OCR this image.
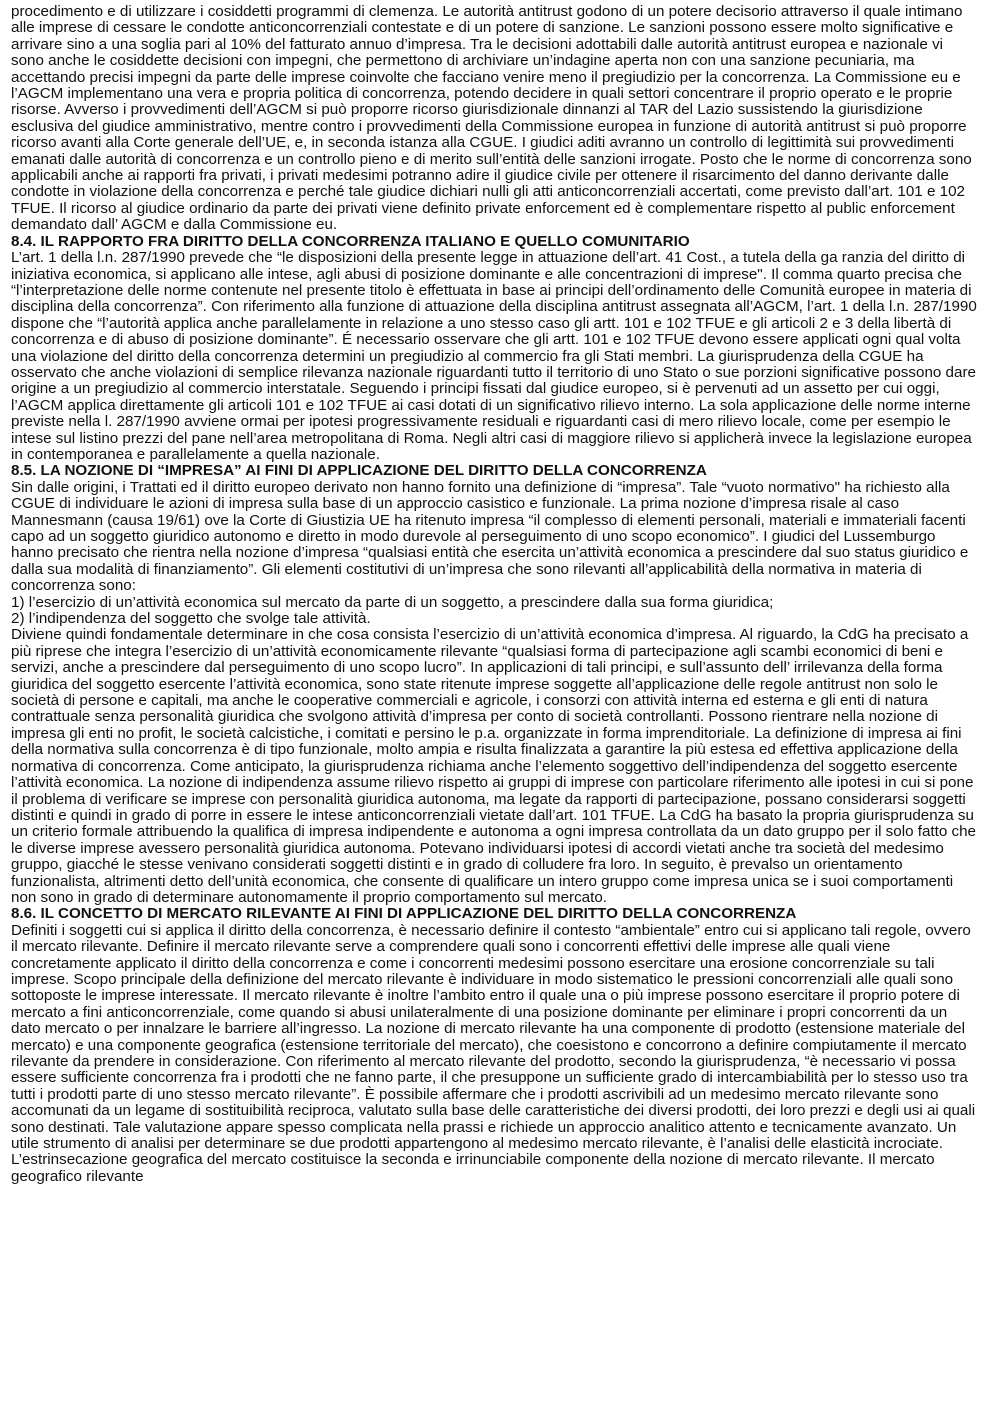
procedimento e di utilizzare i cosiddetti programmi di clemenza. Le autorità antitrust godono di un potere decisorio attraverso il quale intimano alle imprese di cessare le condotte anticoncorrenziali contestate e di un potere di sanzione. Le sanzioni possono essere molto significative e arrivare sino a una soglia pari al 10% del fatturato annuo d’impresa. Tra le decisioni adottabili dalle autorità antitrust europea e nazionale vi sono anche le cosiddette decisioni con impegni, che permettono di archiviare un’indagine aperta non con una sanzione pecuniaria, ma accettando precisi impegni da parte delle imprese coinvolte che facciano venire meno il pregiudizio per la concorrenza. La Commissione eu e l’AGCM implementano una vera e propria politica di concorrenza, potendo decidere in quali settori concentrare il proprio operato e le proprie risorse. Avverso i provvedimenti dell’AGCM si può proporre ricorso giurisdizionale dinnanzi al TAR del Lazio sussistendo la giurisdizione esclusiva del giudice amministrativo, mentre contro i provvedimenti della Commissione europea in funzione di autorità antitrust si può proporre ricorso avanti alla Corte generale dell’UE, e, in seconda istanza alla CGUE. I giudici aditi avranno un controllo di legittimità sui provvedimenti emanati dalle autorità di concorrenza e un controllo pieno e di merito sull’entità delle sanzioni irrogate. Posto che le norme di concorrenza sono applicabili anche ai rapporti fra privati, i privati medesimi potranno adire il giudice civile per ottenere il risarcimento del danno derivante dalle condotte in violazione della concorrenza e perché tale giudice dichiari nulli gli atti anticoncorrenziali accertati, come previsto dall’art. 101 e 102 TFUE. Il ricorso al giudice ordinario da parte dei privati viene definito private enforcement ed è complementare rispetto al public enforcement demandato dall’ AGCM e dalla Commissione eu.

8.4. IL RAPPORTO FRA DIRITTO DELLA CONCORRENZA ITALIANO E QUELLO COMUNITARIO

L’art. 1 della l.n. 287/1990 prevede che “le disposizioni della presente legge in attuazione dell’art. 41 Cost., a tutela della ga ranzia del diritto di iniziativa economica, si applicano alle intese, agli abusi di posizione dominante e alle concentrazioni di imprese". Il comma quarto precisa che “l’interpretazione delle norme contenute nel presente titolo è effettuata in base ai principi dell’ordinamento delle Comunità europee in materia di disciplina della concorrenza”. Con riferimento alla funzione di attuazione della disciplina antitrust assegnata all’AGCM, l’art. 1 della l.n. 287/1990 dispone che “l’autorità applica anche parallelamente in relazione a uno stesso caso gli artt. 101 e 102 TFUE e gli articoli 2 e 3 della libertà di concorrenza e di abuso di posizione dominante”. É necessario osservare che gli artt. 101 e 102 TFUE devono essere applicati ogni qual volta una violazione del diritto della concorrenza determini un pregiudizio al commercio fra gli Stati membri. La giurisprudenza della CGUE ha osservato che anche violazioni di semplice rilevanza nazionale riguardanti tutto il territorio di uno Stato o sue porzioni significative possono dare origine a un pregiudizio al commercio interstatale. Seguendo i principi fissati dal giudice europeo, si è pervenuti ad un assetto per cui oggi, l’AGCM applica direttamente gli articoli 101 e 102 TFUE ai casi dotati di un significativo rilievo interno. La sola applicazione delle norme interne previste nella l. 287/1990 avviene ormai per ipotesi progressivamente residuali e riguardanti casi di mero rilievo locale, come per esempio le intese sul listino prezzi del pane nell’area metropolitana di Roma. Negli altri casi di maggiore rilievo si applicherà invece la legislazione europea in contemporanea e parallelamente a quella nazionale.

8.5. LA NOZIONE DI “IMPRESA” AI FINI DI APPLICAZIONE DEL DIRITTO DELLA CONCORRENZA

Sin dalle origini, i Trattati ed il diritto europeo derivato non hanno fornito una definizione di “impresa”. Tale “vuoto normativo" ha richiesto alla CGUE di individuare le azioni di impresa sulla base di un approccio casistico e funzionale. La prima nozione d’impresa risale al caso Mannesmann (causa 19/61) ove la Corte di Giustizia UE ha ritenuto impresa “il complesso di elementi personali, materiali e immateriali facenti capo ad un soggetto giuridico autonomo e diretto in modo durevole al perseguimento di uno scopo economico”. I giudici del Lussemburgo hanno precisato che rientra nella nozione d’impresa “qualsiasi entità che esercita un’attività economica a prescindere dal suo status giuridico e dalla sua modalità di finanziamento”. Gli elementi costitutivi di un’impresa che sono rilevanti all’applicabilità della normativa in materia di concorrenza sono:

1) l’esercizio di un’attività economica sul mercato da parte di un soggetto, a prescindere dalla sua forma giuridica;

2) l’indipendenza del soggetto che svolge tale attività.

Diviene quindi fondamentale determinare in che cosa consista l’esercizio di un’attività economica d’impresa. Al riguardo, la CdG ha precisato a più riprese che integra l’esercizio di un’attività economicamente rilevante “qualsiasi forma di partecipazione agli scambi economici di beni e servizi, anche a prescindere dal perseguimento di uno scopo lucro”. In applicazioni di tali principi, e sull’assunto dell’ irrilevanza della forma giuridica del soggetto esercente l’attività economica, sono state ritenute imprese soggette all’applicazione delle regole antitrust non solo le società di persone e capitali, ma anche le cooperative commerciali e agricole, i consorzi con attività interna ed esterna e gli enti di natura contrattuale senza personalità giuridica che svolgono attività d’impresa per conto di società controllanti. Possono rientrare nella nozione di impresa gli enti no profit, le società calcistiche, i comitati e persino le p.a. organizzate in forma imprenditoriale. La definizione di impresa ai fini della normativa sulla concorrenza è di tipo funzionale, molto ampia e risulta finalizzata a garantire la più estesa ed effettiva applicazione della normativa di concorrenza. Come anticipato, la giurisprudenza richiama anche l’elemento soggettivo dell’indipendenza del soggetto esercente l’attività economica. La nozione di indipendenza assume rilievo rispetto ai gruppi di imprese con particolare riferimento alle ipotesi in cui si pone il problema di verificare se imprese con personalità giuridica autonoma, ma legate da rapporti di partecipazione, possano considerarsi soggetti distinti e quindi in grado di porre in essere le intese anticoncorrenziali vietate dall’art. 101 TFUE. La CdG ha basato la propria giurisprudenza su un criterio formale attribuendo la qualifica di impresa indipendente e autonoma a ogni impresa controllata da un dato gruppo per il solo fatto che le diverse imprese avessero personalità giuridica autonoma. Potevano individuarsi ipotesi di accordi vietati anche tra società del medesimo gruppo, giacché le stesse venivano considerati soggetti distinti e in grado di colludere fra loro. In seguito, è prevalso un orientamento funzionalista, altrimenti detto dell’unità economica, che consente di qualificare un intero gruppo come impresa unica se i suoi comportamenti non sono in grado di determinare autonomamente il proprio comportamento sul mercato.

8.6. IL CONCETTO DI MERCATO RILEVANTE AI FINI DI APPLICAZIONE DEL DIRITTO DELLA CONCORRENZA

Definiti i soggetti cui si applica il diritto della concorrenza, è necessario definire il contesto “ambientale” entro cui si applicano tali regole, ovvero il mercato rilevante. Definire il mercato rilevante serve a comprendere quali sono i concorrenti effettivi delle imprese alle quali viene concretamente applicato il diritto della concorrenza e come i concorrenti medesimi possono esercitare una erosione concorrenziale su tali imprese. Scopo principale della definizione del mercato rilevante è individuare in modo sistematico le pressioni concorrenziali alle quali sono sottoposte le imprese interessate. Il mercato rilevante è inoltre l’ambito entro il quale una o più imprese possono esercitare il proprio potere di mercato a fini anticoncorrenziale, come quando si abusi unilateralmente di una posizione dominante per eliminare i propri concorrenti da un dato mercato o per innalzare le barriere all’ingresso. La nozione di mercato rilevante ha una componente di prodotto (estensione materiale del mercato) e una componente geografica (estensione territoriale del mercato), che coesistono e concorrono a definire compiutamente il mercato rilevante da prendere in considerazione. Con riferimento al mercato rilevante del prodotto, secondo la giurisprudenza, “è necessario vi possa essere sufficiente concorrenza fra i prodotti che ne fanno parte, il che presuppone un sufficiente grado di intercambiabilità per lo stesso uso tra tutti i prodotti parte di uno stesso mercato rilevante”. È possibile affermare che i prodotti ascrivibili ad un medesimo mercato rilevante sono accomunati da un legame di sostituibilità reciproca, valutato sulla base delle caratteristiche dei diversi prodotti, dei loro prezzi e degli usi ai quali sono destinati. Tale valutazione appare spesso complicata nella prassi e richiede un approccio analitico attento e tecnicamente avanzato. Un utile strumento di analisi per determinare se due prodotti appartengono al medesimo mercato rilevante, è l’analisi delle elasticità incrociate. L’estrinsecazione geografica del mercato costituisce la seconda e irrinunciabile componente della nozione di mercato rilevante. Il mercato geografico rilevante
